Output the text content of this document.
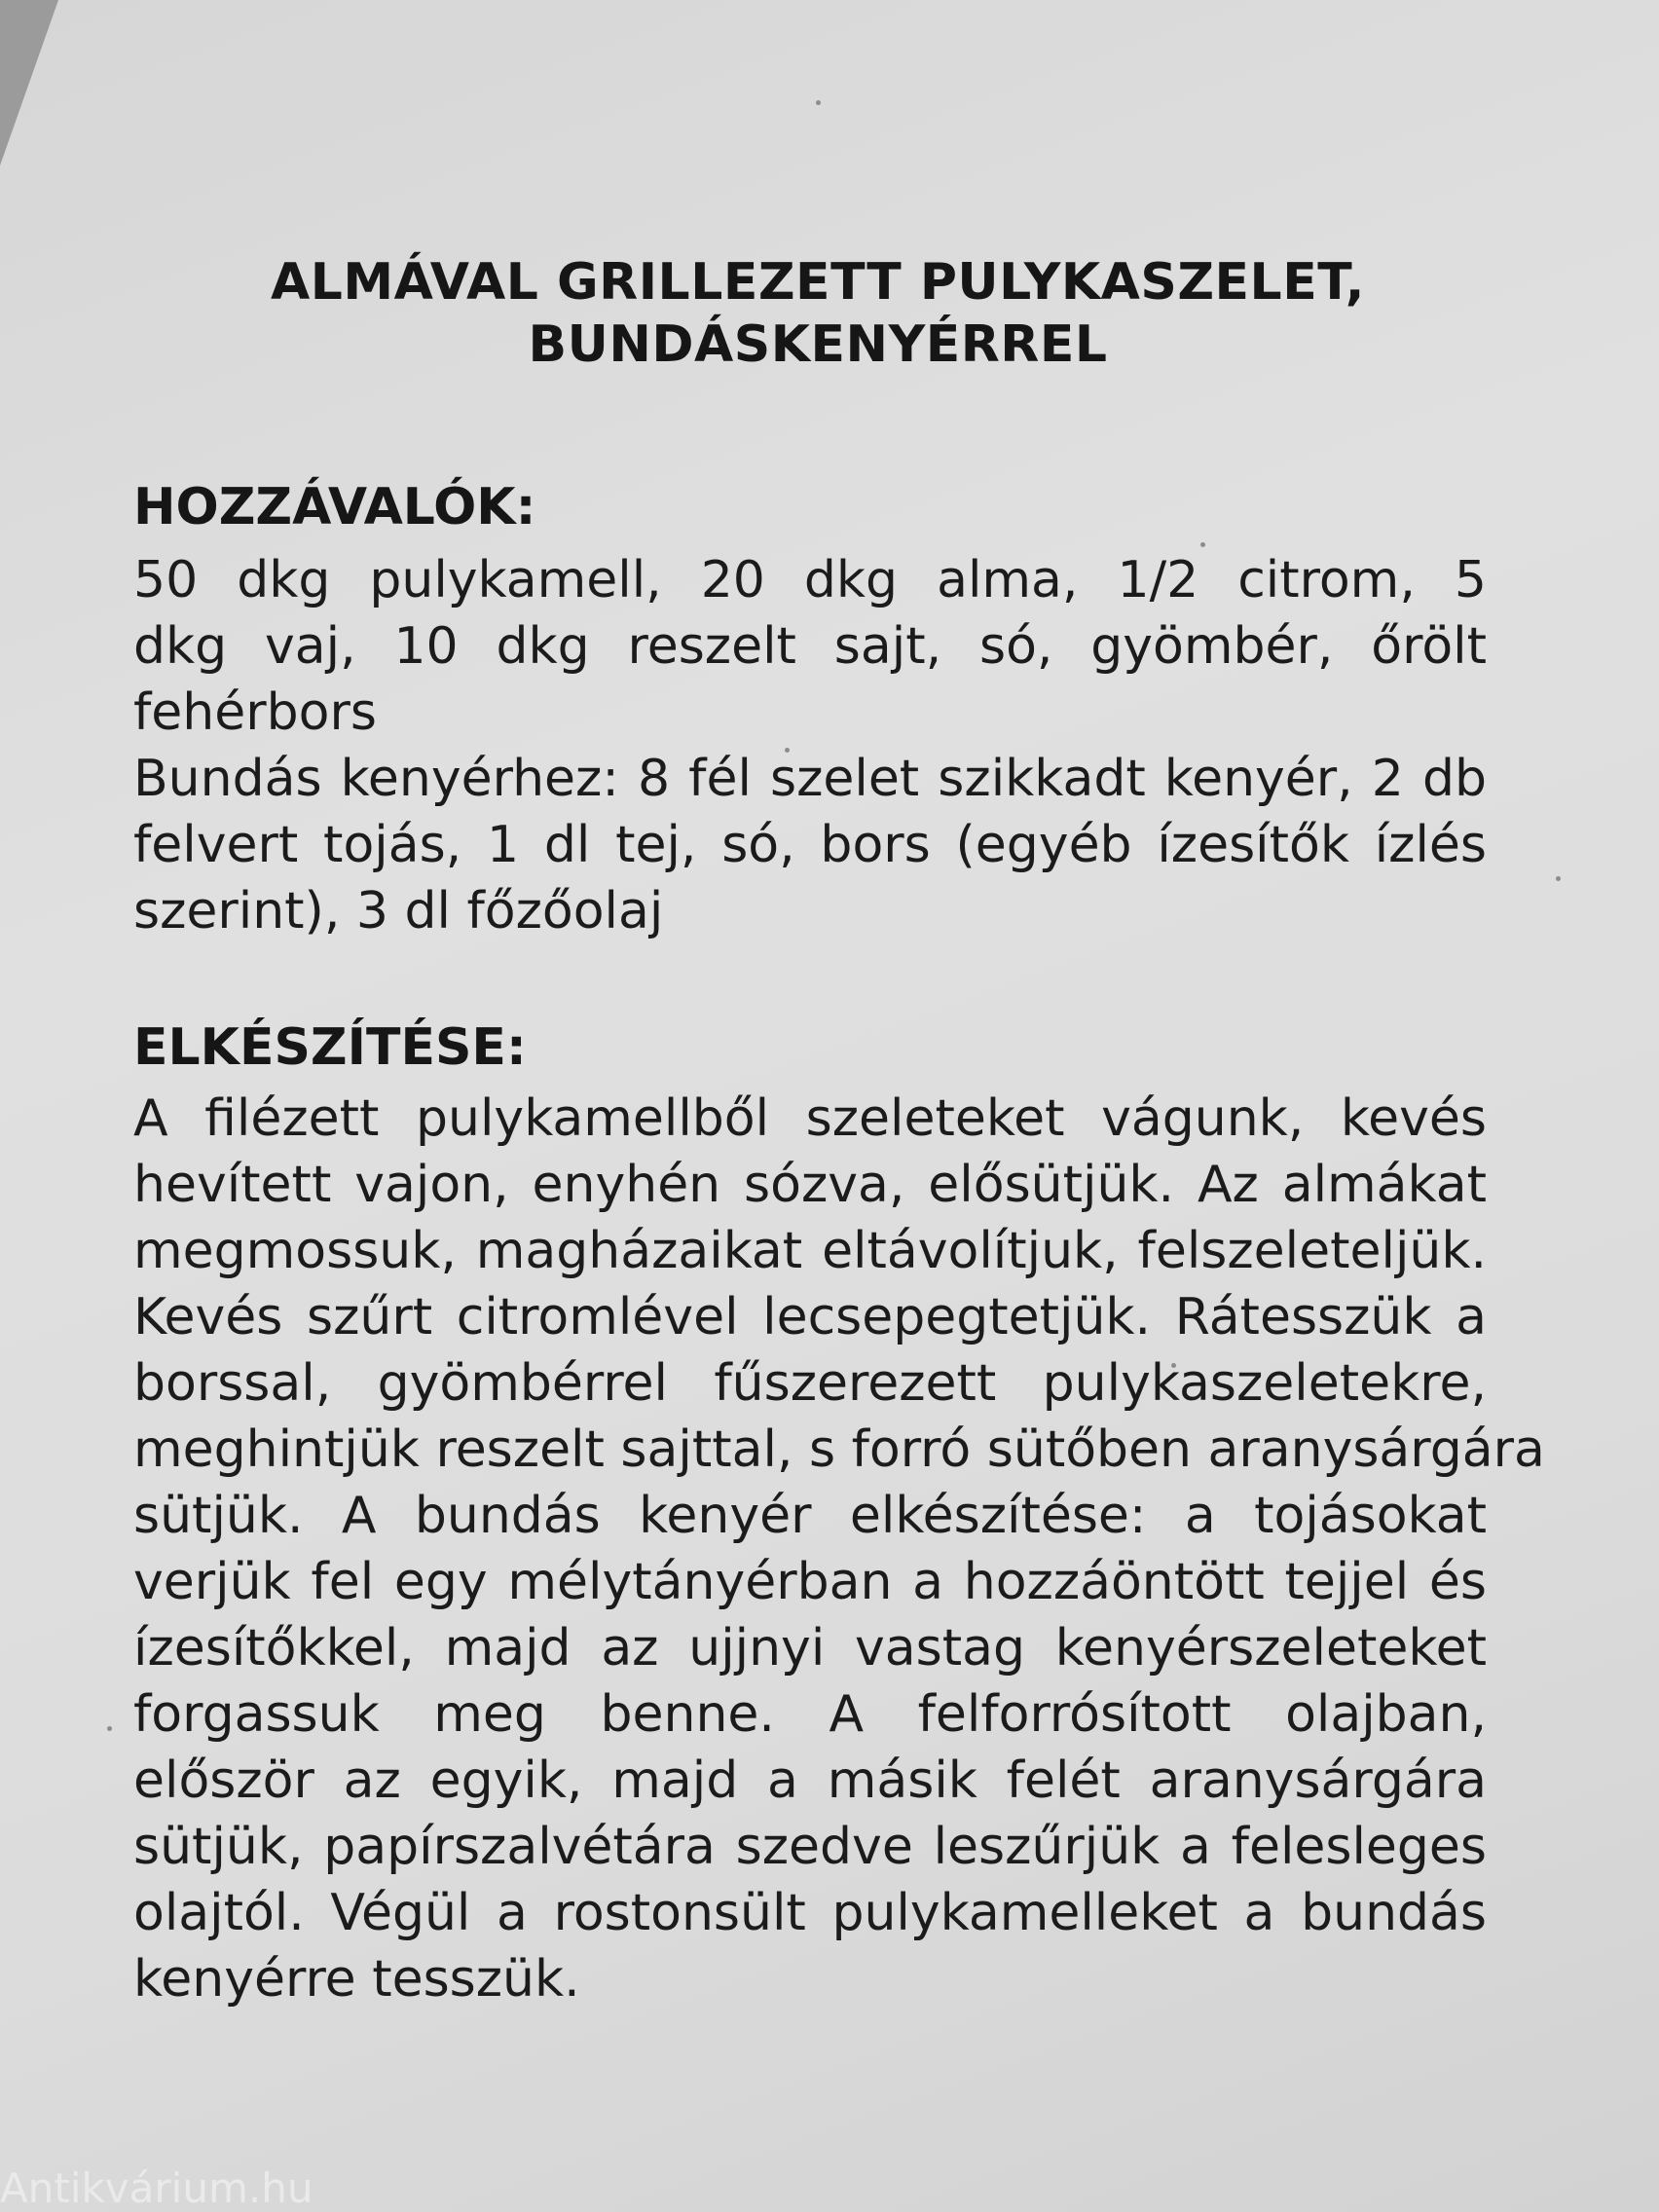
ALMÁVAL GRILLEZETT PULYKASZELET,
BUNDÁSKENYÉRREL
HOZZÁVALÓK:
50 dkg pulykamell, 20 dkg alma, 1/2 citrom, 5
dkg vaj, 10 dkg reszelt sajt, só, gyömbér, őrölt
fehérbors
Bundás kenyérhez: 8 fél szelet szikkadt kenyér, 2 db
felvert tojás, 1 dl tej, só, bors (egyéb ízesítők ízlés
szerint), 3 dl főzőolaj
ELKÉSZÍTÉSE:
A filézett pulykamellből szeleteket vágunk, kevés
hevített vajon, enyhén sózva, elősütjük. Az almákat
megmossuk, magházaikat eltávolítjuk, felszeleteljük.
Kevés szűrt citromlével lecsepegtetjük. Rátesszük a
borssal, gyömbérrel fűszerezett pulykaszeletekre,
meghintjük reszelt sajttal, s forró sütőben aranysárgára
sütjük. A bundás kenyér elkészítése: a tojásokat
verjük fel egy mélytányérban a hozzáöntött tejjel és
ízesítőkkel, majd az ujjnyi vastag kenyérszeleteket
forgassuk meg benne. A felforrósított olajban,
először az egyik, majd a másik felét aranysárgára
sütjük, papírszalvétára szedve leszűrjük a felesleges
olajtól. Végül a rostonsült pulykamelleket a bundás
kenyérre tesszük.
Antikvárium.hu
